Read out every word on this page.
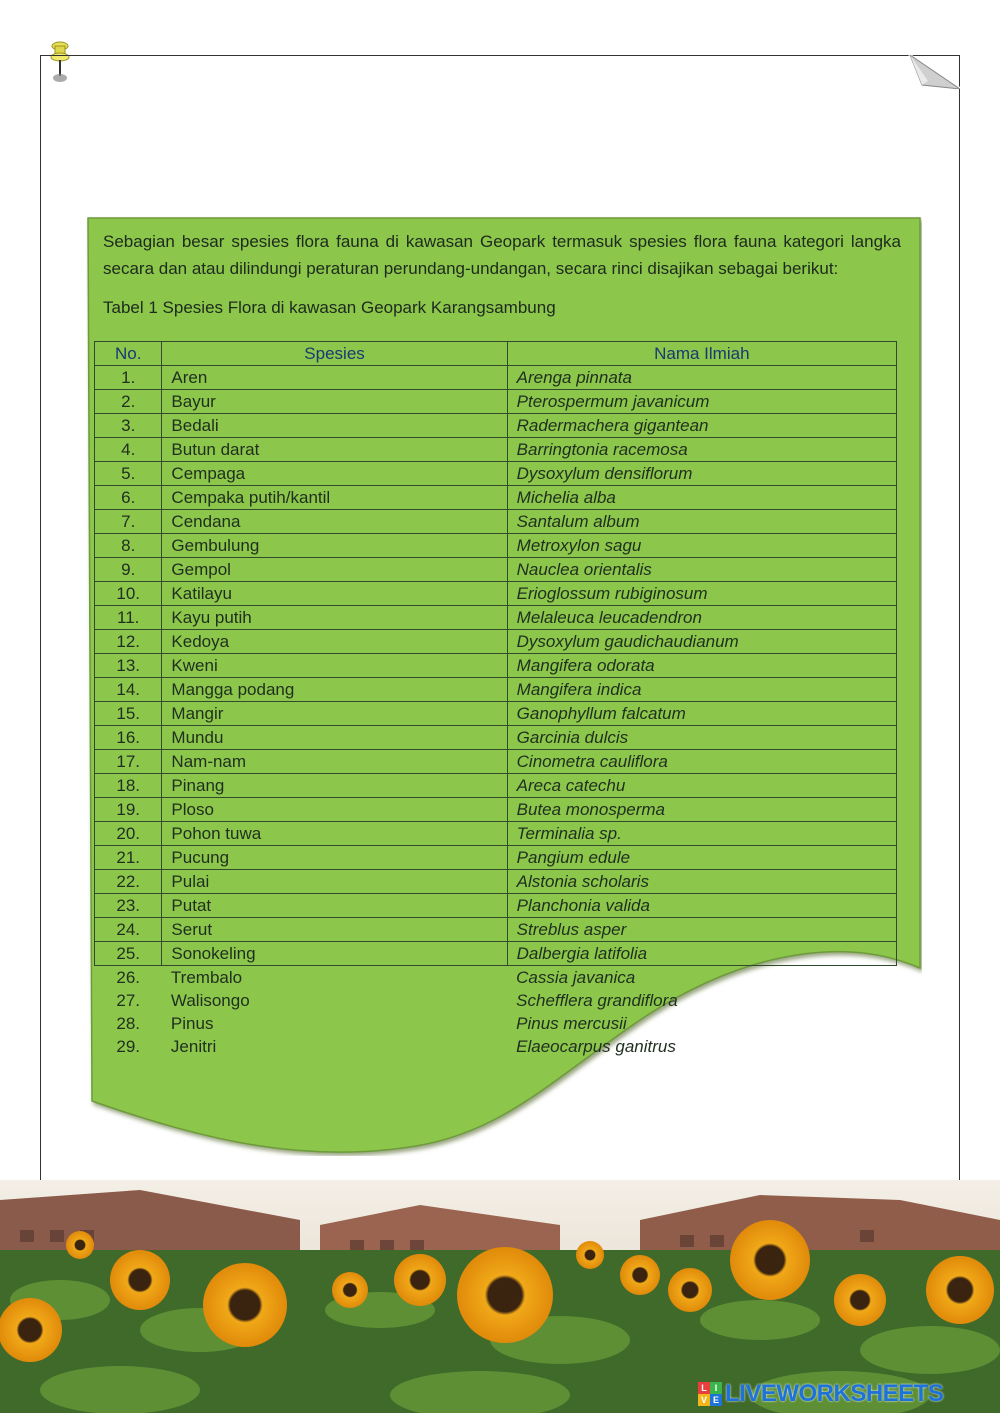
Sebagian besar spesies flora fauna di kawasan Geopark termasuk spesies flora fauna kategori langka secara dan atau dilindungi peraturan perundang-undangan, secara rinci disajikan sebagai berikut:

Tabel 1 Spesies Flora di kawasan Geopark Karangsambung

No.	Spesies	Nama Ilmiah
1.	Aren	Arenga pinnata
2.	Bayur	Pterospermum javanicum
3.	Bedali	Radermachera gigantean
4.	Butun darat	Barringtonia racemosa
5.	Cempaga	Dysoxylum densiflorum
6.	Cempaka putih/kantil	Michelia alba
7.	Cendana	Santalum album
8.	Gembulung	Metroxylon sagu
9.	Gempol	Nauclea orientalis
10.	Katilayu	Erioglossum rubiginosum
11.	Kayu putih	Melaleuca leucadendron
12.	Kedoya	Dysoxylum gaudichaudianum
13.	Kweni	Mangifera odorata
14.	Mangga podang	Mangifera indica
15.	Mangir	Ganophyllum falcatum
16.	Mundu	Garcinia dulcis
17.	Nam-nam	Cinometra cauliflora
18.	Pinang	Areca catechu
19.	Ploso	Butea monosperma
20.	Pohon tuwa	Terminalia sp.
21.	Pucung	Pangium edule
22.	Pulai	Alstonia scholaris
23.	Putat	Planchonia valida
24.	Serut	Streblus asper
25.	Sonokeling	Dalbergia latifolia
26.	Trembalo	Cassia javanica
27.	Walisongo	Schefflera grandiflora
28.	Pinus	Pinus mercusii
29.	Jenitri	Elaeocarpus ganitrus
L I
V E LIVEWORKSHEETS
